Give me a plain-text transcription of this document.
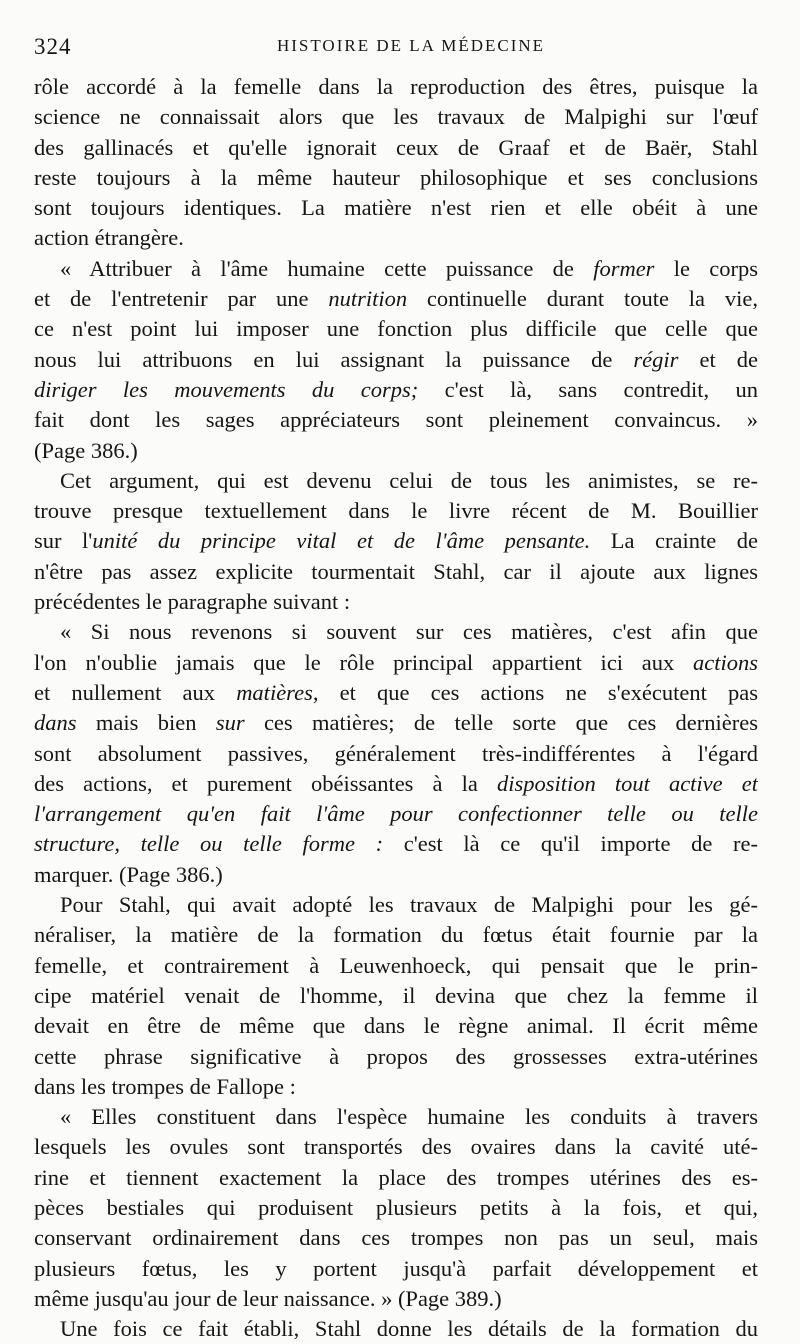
324	HISTOIRE DE LA MÉDECINE
rôle accordé à la femelle dans la reproduction des êtres, puisque la
science ne connaissait alors que les travaux de Malpighi sur l'œuf
des gallinacés et qu'elle ignorait ceux de Graaf et de Baër, Stahl
reste toujours à la même hauteur philosophique et ses conclusions
sont toujours identiques. La matière n'est rien et elle obéit à une
action étrangère.
« Attribuer à l'âme humaine cette puissance de former le corps
et de l'entretenir par une nutrition continuelle durant toute la vie,
ce n'est point lui imposer une fonction plus difficile que celle que
nous lui attribuons en lui assignant la puissance de régir et de
diriger les mouvements du corps; c'est là, sans contredit, un
fait dont les sages appréciateurs sont pleinement convaincus. »
(Page 386.)
Cet argument, qui est devenu celui de tous les animistes, se re-
trouve presque textuellement dans le livre récent de M. Bouillier
sur l'unité du principe vital et de l'âme pensante. La crainte de
n'être pas assez explicite tourmentait Stahl, car il ajoute aux lignes
précédentes le paragraphe suivant :
« Si nous revenons si souvent sur ces matières, c'est afin que
l'on n'oublie jamais que le rôle principal appartient ici aux actions
et nullement aux matières, et que ces actions ne s'exécutent pas
dans mais bien sur ces matières; de telle sorte que ces dernières
sont absolument passives, généralement très-indifférentes à l'égard
des actions, et purement obéissantes à la disposition tout active et
l'arrangement qu'en fait l'âme pour confectionner telle ou telle
structure, telle ou telle forme : c'est là ce qu'il importe de re-
marquer. (Page 386.)
Pour Stahl, qui avait adopté les travaux de Malpighi pour les gé-
néraliser, la matière de la formation du fœtus était fournie par la
femelle, et contrairement à Leuwenhoeck, qui pensait que le prin-
cipe matériel venait de l'homme, il devina que chez la femme il
devait en être de même que dans le règne animal. Il écrit même
cette phrase significative à propos des grossesses extra-utérines
dans les trompes de Fallope :
« Elles constituent dans l'espèce humaine les conduits à travers
lesquels les ovules sont transportés des ovaires dans la cavité uté-
rine et tiennent exactement la place des trompes utérines des es-
pèces bestiales qui produisent plusieurs petits à la fois, et qui,
conservant ordinairement dans ces trompes non pas un seul, mais
plusieurs fœtus, les y portent jusqu'à parfait développement et
même jusqu'au jour de leur naissance. » (Page 389.)
Une fois ce fait établi, Stahl donne les détails de la formation du
